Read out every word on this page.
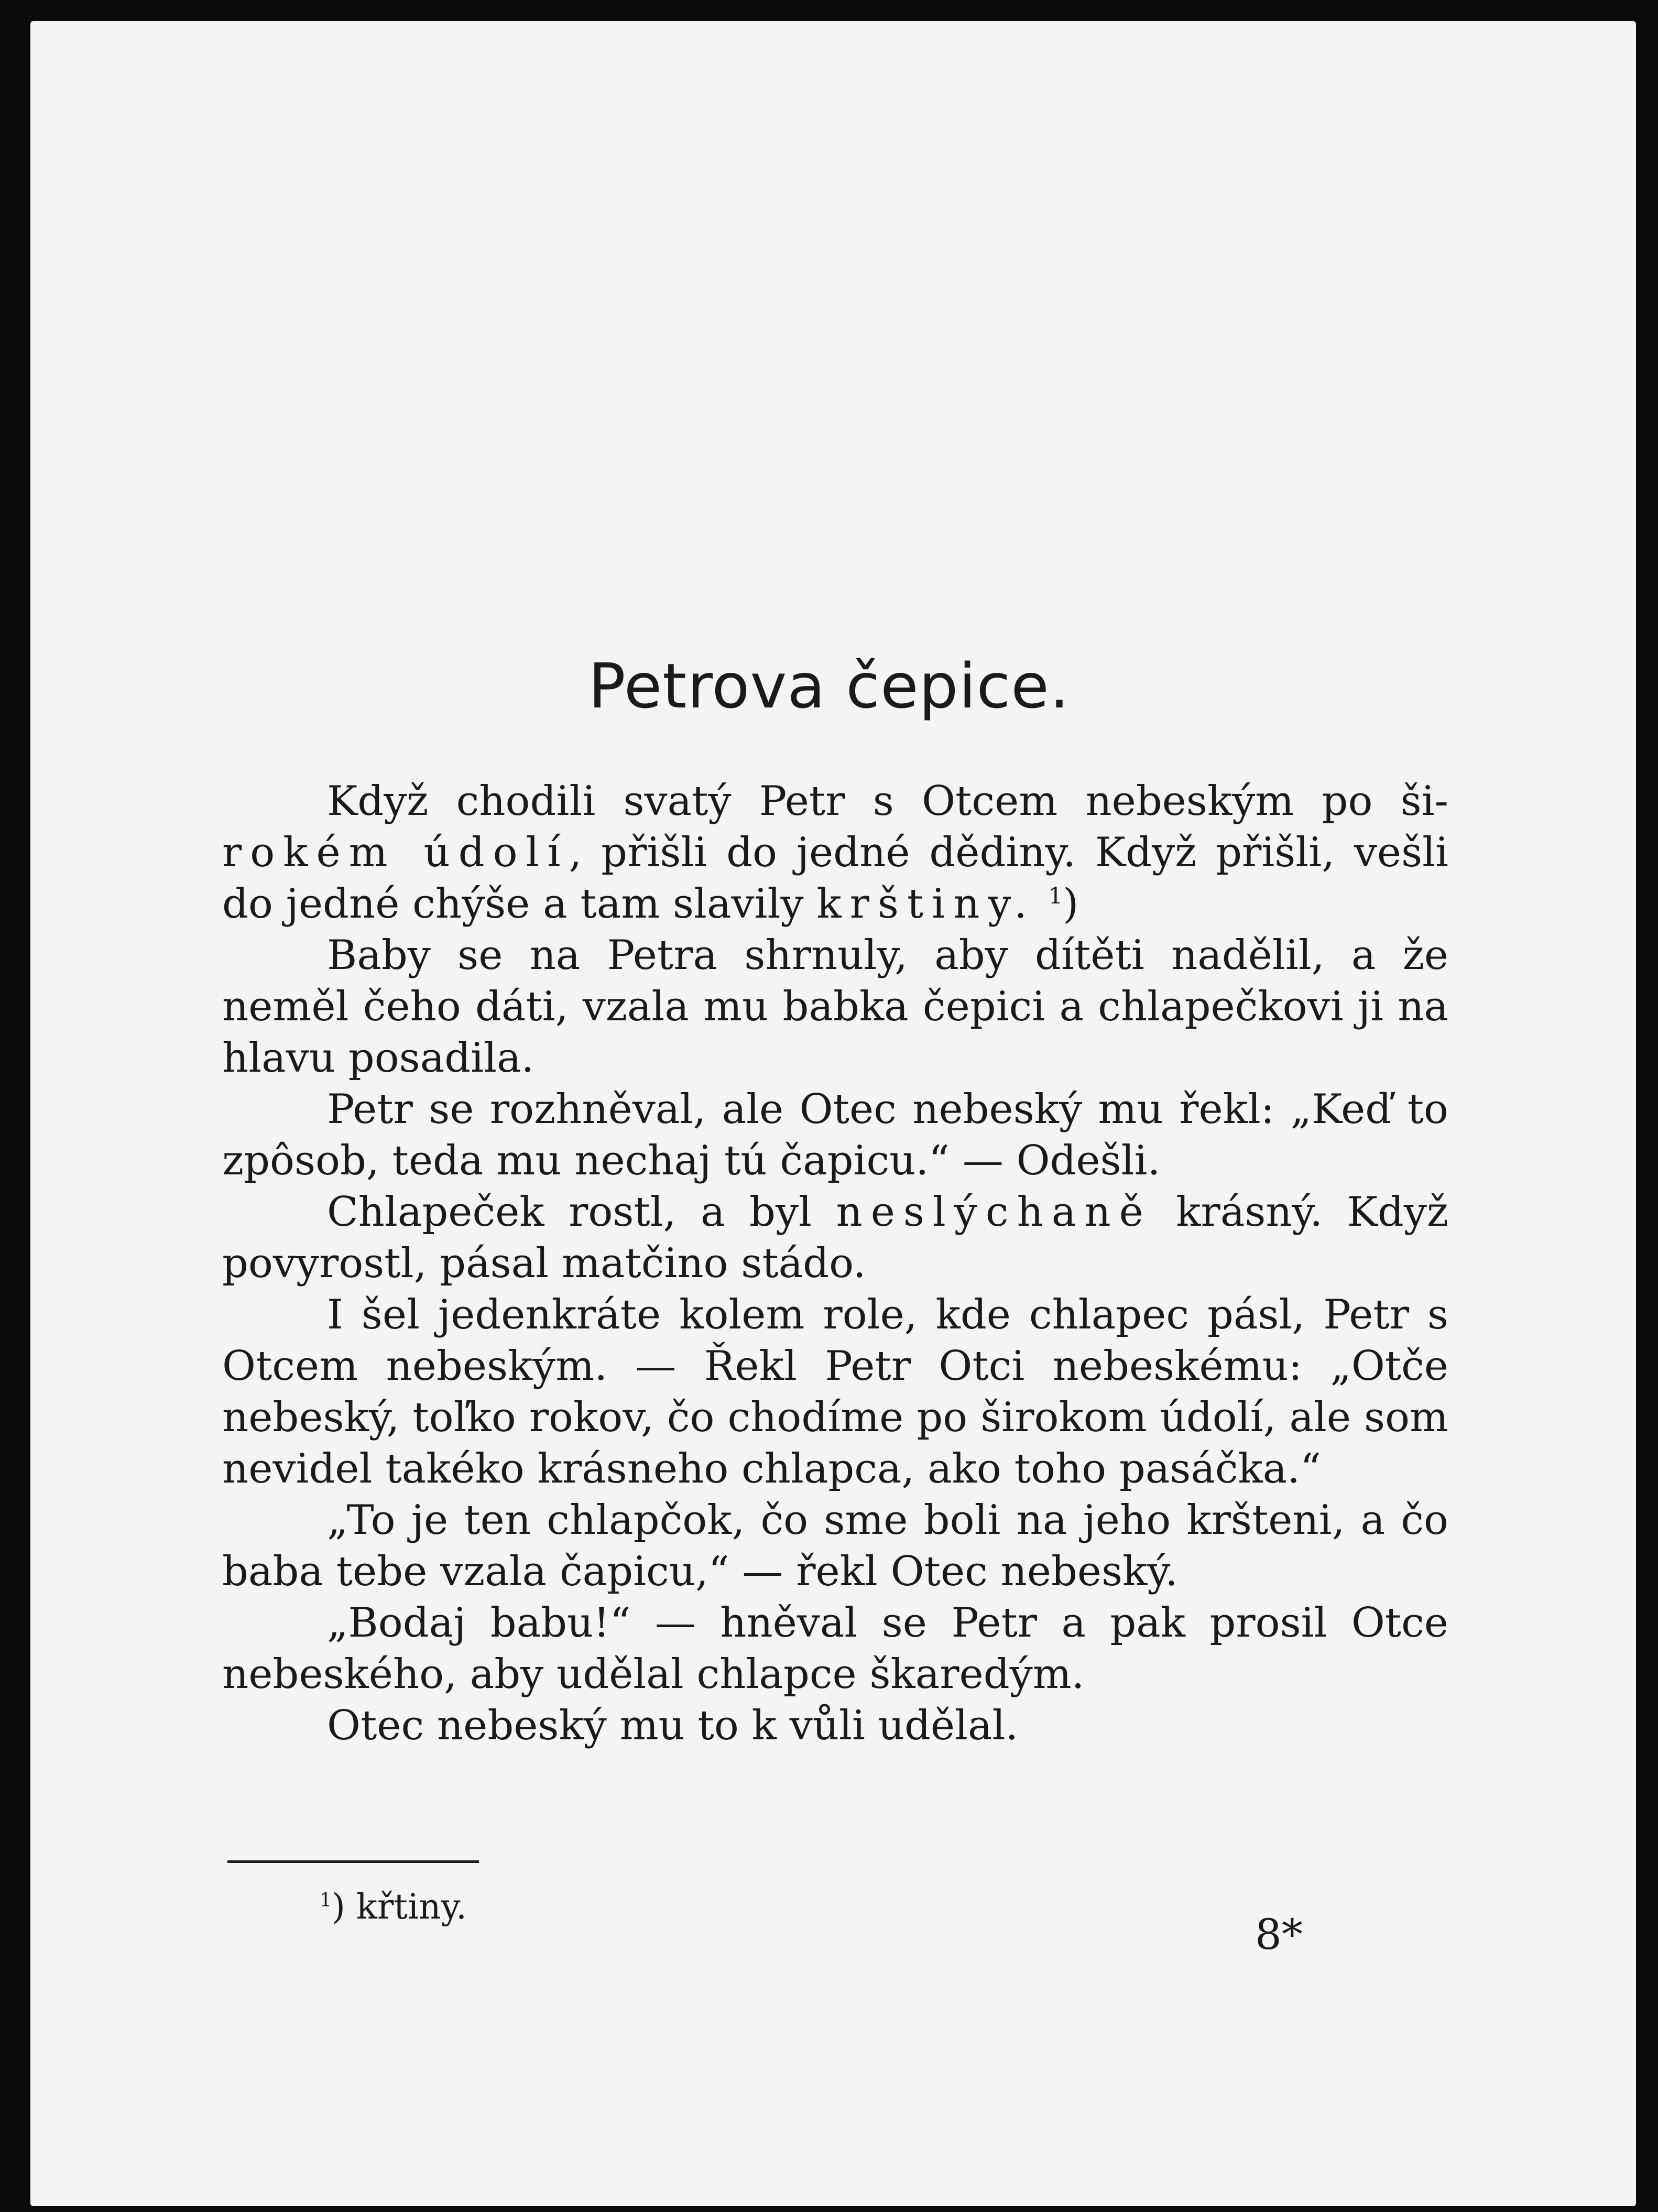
Petrova čepice.

Když chodili svatý Petr s Otcem nebeským po širokém údolí, přišli do jedné dědiny. Když přišli, vešli do jedné chýše a tam slavily krštiny. $^1$)

Baby se na Petra shrnuly, aby dítěti nadělil, a že neměl čeho dáti, vzala mu babka čepici a chlapečkovi ji na hlavu posadila.

Petr se rozhněval, ale Otec nebeský mu řekl: „Keď to zpôsob, teda mu nechaj tú čapicu.“ — Odešli.

Chlapeček rostl, a byl neslýchaně krásný. Když povyrostl, pásal matčino stádo.

I šel jedenkráte kolem role, kde chlapec pásl, Petr s Otcem nebeským. — Řekl Petr Otci nebeskému: „Otče nebeský, toľko rokov, čo chodíme po širokom údolí, ale som nevidel takéko krásneho chlapca, ako toho pasáčka.“

„To je ten chlapčok, čo sme boli na jeho kršteni, a čo baba tebe vzala čapicu,“ — řekl Otec nebeský.

„Bodaj babu!“ — hněval se Petr a pak prosil Otce nebeského, aby udělal chlapce škaredým.

Otec nebeský mu to k vůli udělal.

$^1$) křtiny.
8*
